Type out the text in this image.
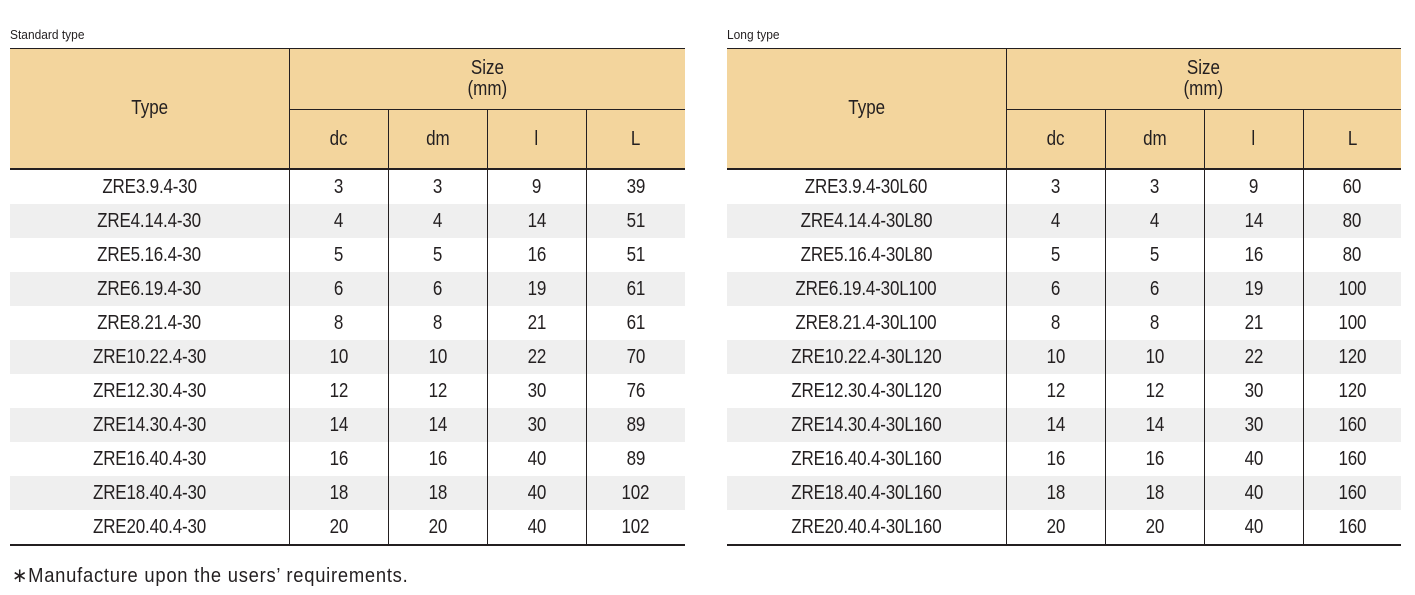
Standard type
Type	Size
(mm)			
	dc	dm	l	L
ZRE3.9.4-30	3	3	9	39
ZRE4.14.4-30	4	4	14	51
ZRE5.16.4-30	5	5	16	51
ZRE6.19.4-30	6	6	19	61
ZRE8.21.4-30	8	8	21	61
ZRE10.22.4-30	10	10	22	70
ZRE12.30.4-30	12	12	30	76
ZRE14.30.4-30	14	14	30	89
ZRE16.40.4-30	16	16	40	89
ZRE18.40.4-30	18	18	40	102
ZRE20.40.4-30	20	20	40	102
Long type
Type	Size
(mm)			
	dc	dm	l	L
ZRE3.9.4-30L60	3	3	9	60
ZRE4.14.4-30L80	4	4	14	80
ZRE5.16.4-30L80	5	5	16	80
ZRE6.19.4-30L100	6	6	19	100
ZRE8.21.4-30L100	8	8	21	100
ZRE10.22.4-30L120	10	10	22	120
ZRE12.30.4-30L120	12	12	30	120
ZRE14.30.4-30L160	14	14	30	160
ZRE16.40.4-30L160	16	16	40	160
ZRE18.40.4-30L160	18	18	40	160
ZRE20.40.4-30L160	20	20	40	160
∗Manufacture upon the users’ requirements.
